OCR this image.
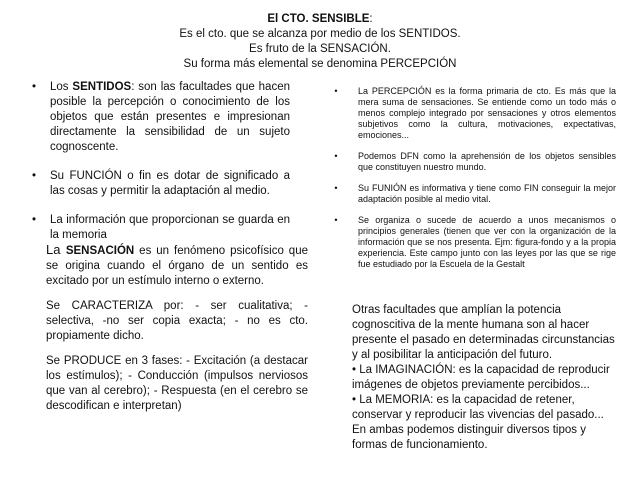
El CTO. SENSIBLE:
Es el cto. que se alcanza por medio de los SENTIDOS.
Es fruto de la SENSACIÓN.
Su forma más elemental se denomina PERCEPCIÓN
•	Los SENTIDOS: son las facultades que hacen posible la percepción o conocimiento de los objetos que están presentes e impresionan directamente la sensibilidad de un sujeto cognoscente.
•	Su FUNCIÓN o fin es dotar de significado a las cosas y permitir la adaptación al medio.
•	La información que proporcionan se guarda en la memoria
•	La PERCEPCIÓN es la forma primaria de cto. Es más que la mera suma de sensaciones. Se entiende como un todo más o menos complejo integrado por sensaciones y otros elementos subjetivos como la cultura, motivaciones, expectativas, emociones...
•	Podemos DFN como la aprehensión de los objetos sensibles que constituyen nuestro mundo.
•	Su FUNIÓN es informativa y tiene como FIN conseguir la mejor adaptación posible al medio vital.
•	Se organiza o sucede de acuerdo a unos mecanismos o principios generales (tienen que ver con la organización de la información que se nos presenta. Ejm: figura-fondo y a la propia experiencia. Este campo junto con las leyes por las que se rige fue estudiado por la Escuela de la Gestalt

La SENSACIÓN es un fenómeno psicofísico que se origina cuando el órgano de un sentido es excitado por un estímulo interno o externo.

Se CARACTERIZA por: - ser cualitativa; - selectiva, -no ser copia exacta; - no es cto. propiamente dicho.

Se PRODUCE en 3 fases: - Excitación (a destacar los estímulos); - Conducción (impulsos nerviosos que van al cerebro); - Respuesta (en el cerebro se descodifican e interpretan)

Otras facultades que amplían la potencia cognoscitiva de la mente humana son al hacer presente el pasado en determinadas circunstancias y al posibilitar la anticipación del futuro.
• La IMAGINACIÓN: es la capacidad de reproducir imágenes de objetos previamente percibidos...
• La MEMORIA: es la capacidad de retener, conservar y reproducir las vivencias del pasado...
En ambas podemos distinguir diversos tipos y formas de funcionamiento.
